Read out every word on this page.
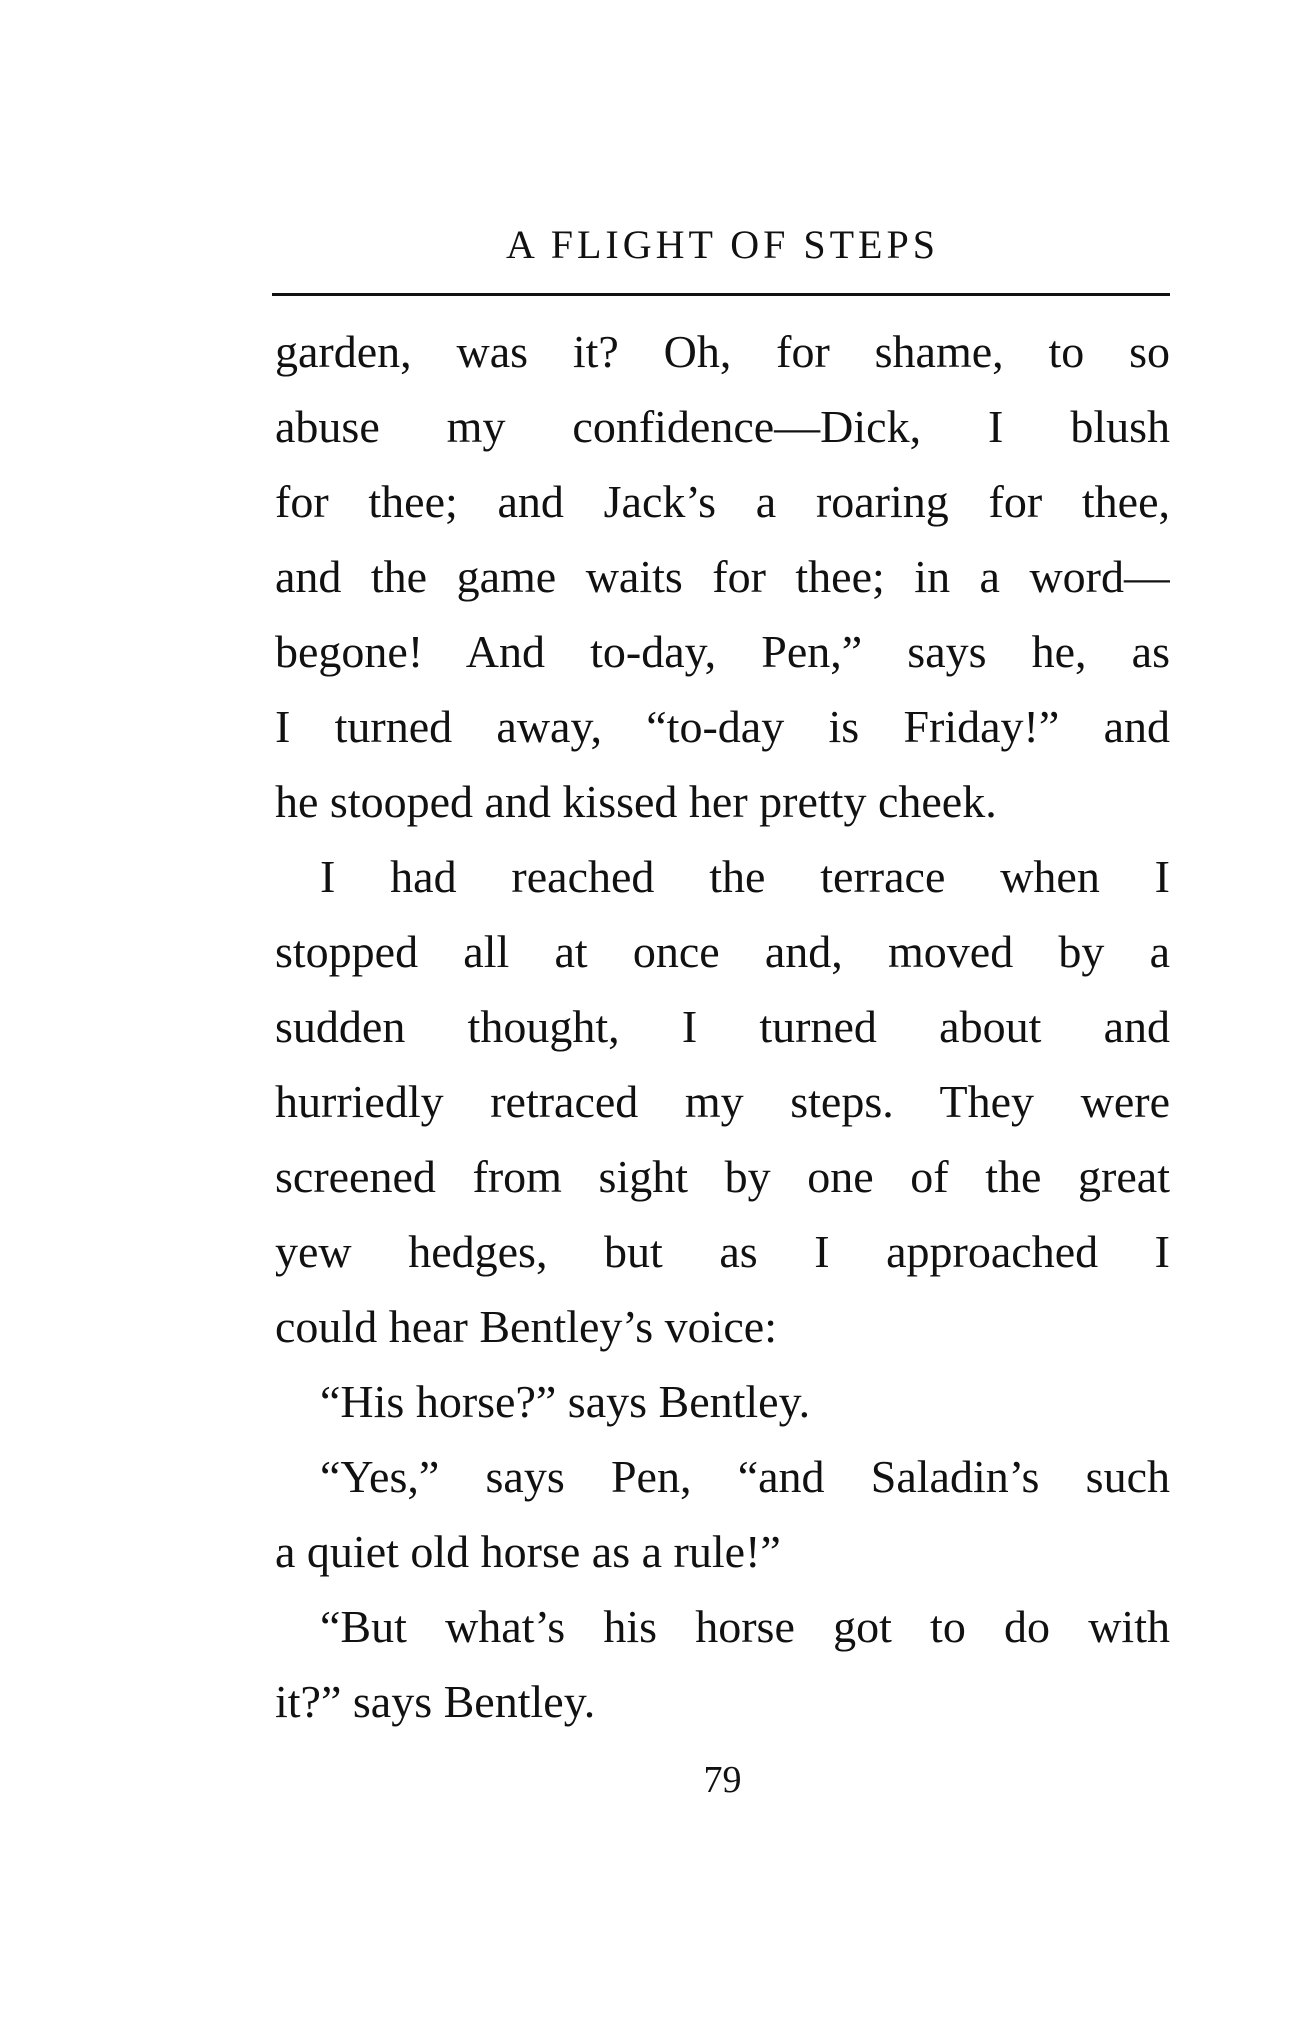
A FLIGHT OF STEPS
garden, was it? Oh, for shame, to so
abuse my confidence—Dick, I blush
for thee; and Jack’s a roaring for thee,
and the game waits for thee; in a word—
begone! And to-day, Pen,” says he, as
I turned away, “to-day is Friday!” and
he stooped and kissed her pretty cheek.
I had reached the terrace when I
stopped all at once and, moved by a
sudden thought, I turned about and
hurriedly retraced my steps. They were
screened from sight by one of the great
yew hedges, but as I approached I
could hear Bentley’s voice:
“His horse?” says Bentley.
“Yes,” says Pen, “and Saladin’s such
a quiet old horse as a rule!”
“But what’s his horse got to do with
it?” says Bentley.
79
